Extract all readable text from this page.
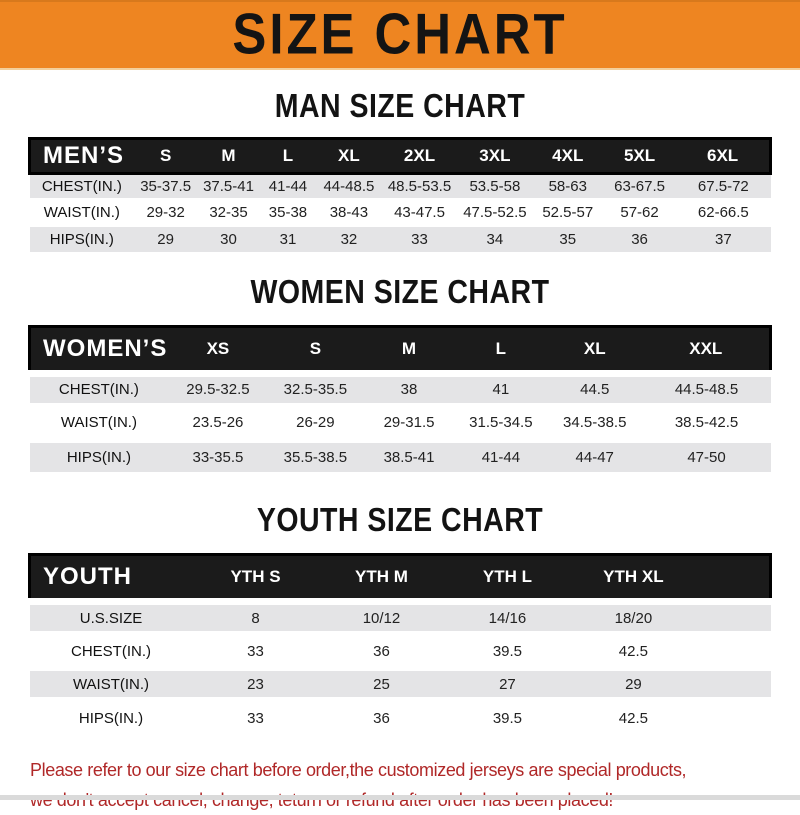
SIZE CHART
MAN SIZE CHART
MEN’S	S	M	L	XL	2XL	3XL	4XL	5XL	6XL
CHEST(IN.)	35-37.5	37.5-41	41-44	44-48.5	48.5-53.5	53.5-58	58-63	63-67.5	67.5-72
WAIST(IN.)	29-32	32-35	35-38	38-43	43-47.5	47.5-52.5	52.5-57	57-62	62-66.5
HIPS(IN.)	29	30	31	32	33	34	35	36	37
WOMEN SIZE CHART
WOMEN’S	XS	S	M	L	XL	XXL
CHEST(IN.)	29.5-32.5	32.5-35.5	38	41	44.5	44.5-48.5
WAIST(IN.)	23.5-26	26-29	29-31.5	31.5-34.5	34.5-38.5	38.5-42.5
HIPS(IN.)	33-35.5	35.5-38.5	38.5-41	41-44	44-47	47-50
YOUTH SIZE CHART
YOUTH	YTH S	YTH M	YTH L	YTH XL	
U.S.SIZE	8	10/12	14/16	18/20	
CHEST(IN.)	33	36	39.5	42.5	
WAIST(IN.)	23	25	27	29	
HIPS(IN.)	33	36	39.5	42.5	
Please refer to our size chart before order,the customized jerseys are special products,
